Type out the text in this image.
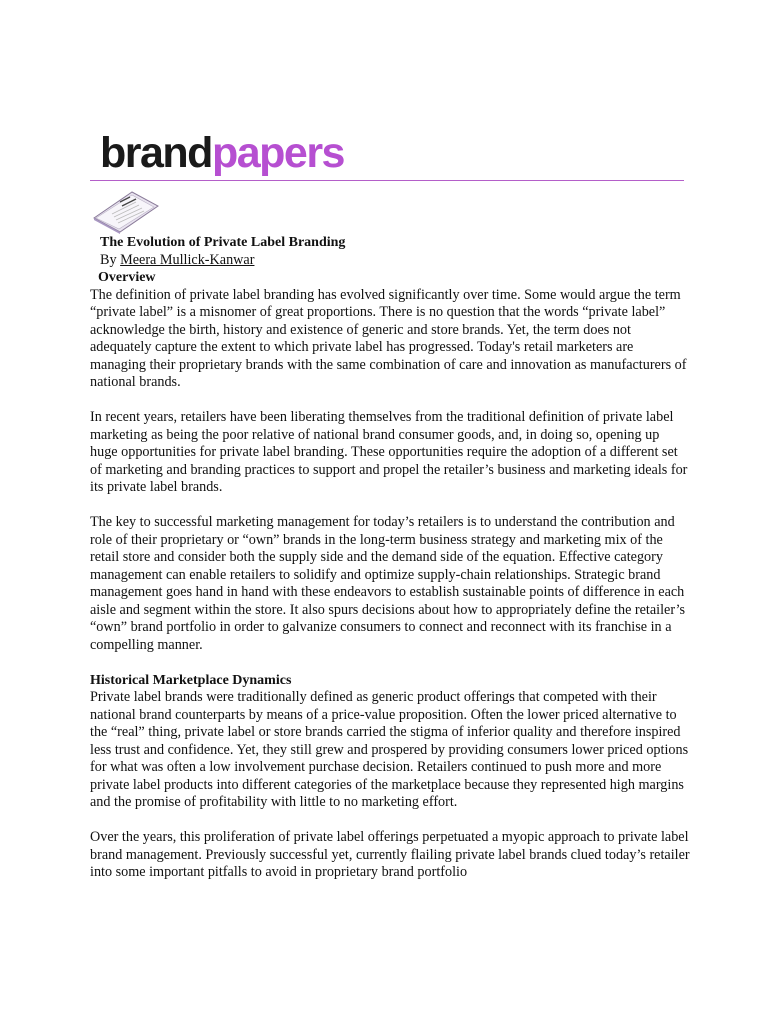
brandpapers
The Evolution of Private Label Branding
By Meera Mullick-Kanwar
Overview

The definition of private label branding has evolved significantly over time. Some would argue the term “private label” is a misnomer of great proportions. There is no question that the words “private label” acknowledge the birth, history and existence of generic and store brands. Yet, the term does not adequately capture the extent to which private label has progressed. Today's retail marketers are managing their proprietary brands with the same combination of care and innovation as manufacturers of national brands.

In recent years, retailers have been liberating themselves from the traditional definition of private label marketing as being the poor relative of national brand consumer goods, and, in doing so, opening up huge opportunities for private label branding. These opportunities require the adoption of a different set of marketing and branding practices to support and propel the retailer’s business and marketing ideals for its private label brands.

The key to successful marketing management for today’s retailers is to understand the contribution and role of their proprietary or “own” brands in the long-term business strategy and marketing mix of the retail store and consider both the supply side and the demand side of the equation. Effective category management can enable retailers to solidify and optimize supply-chain relationships. Strategic brand management goes hand in hand with these endeavors to establish sustainable points of difference in each aisle and segment within the store. It also spurs decisions about how to appropriately define the retailer’s “own” brand portfolio in order to galvanize consumers to connect and reconnect with its franchise in a compelling manner.

Historical Marketplace Dynamics

Private label brands were traditionally defined as generic product offerings that competed with their national brand counterparts by means of a price-value proposition. Often the lower priced alternative to the “real” thing, private label or store brands carried the stigma of inferior quality and therefore inspired less trust and confidence. Yet, they still grew and prospered by providing consumers lower priced options for what was often a low involvement purchase decision. Retailers continued to push more and more private label products into different categories of the marketplace because they represented high margins and the promise of profitability with little to no marketing effort.

Over the years, this proliferation of private label offerings perpetuated a myopic approach to private label brand management. Previously successful yet, currently flailing private label brands clued today’s retailer into some important pitfalls to avoid in proprietary brand portfolio
